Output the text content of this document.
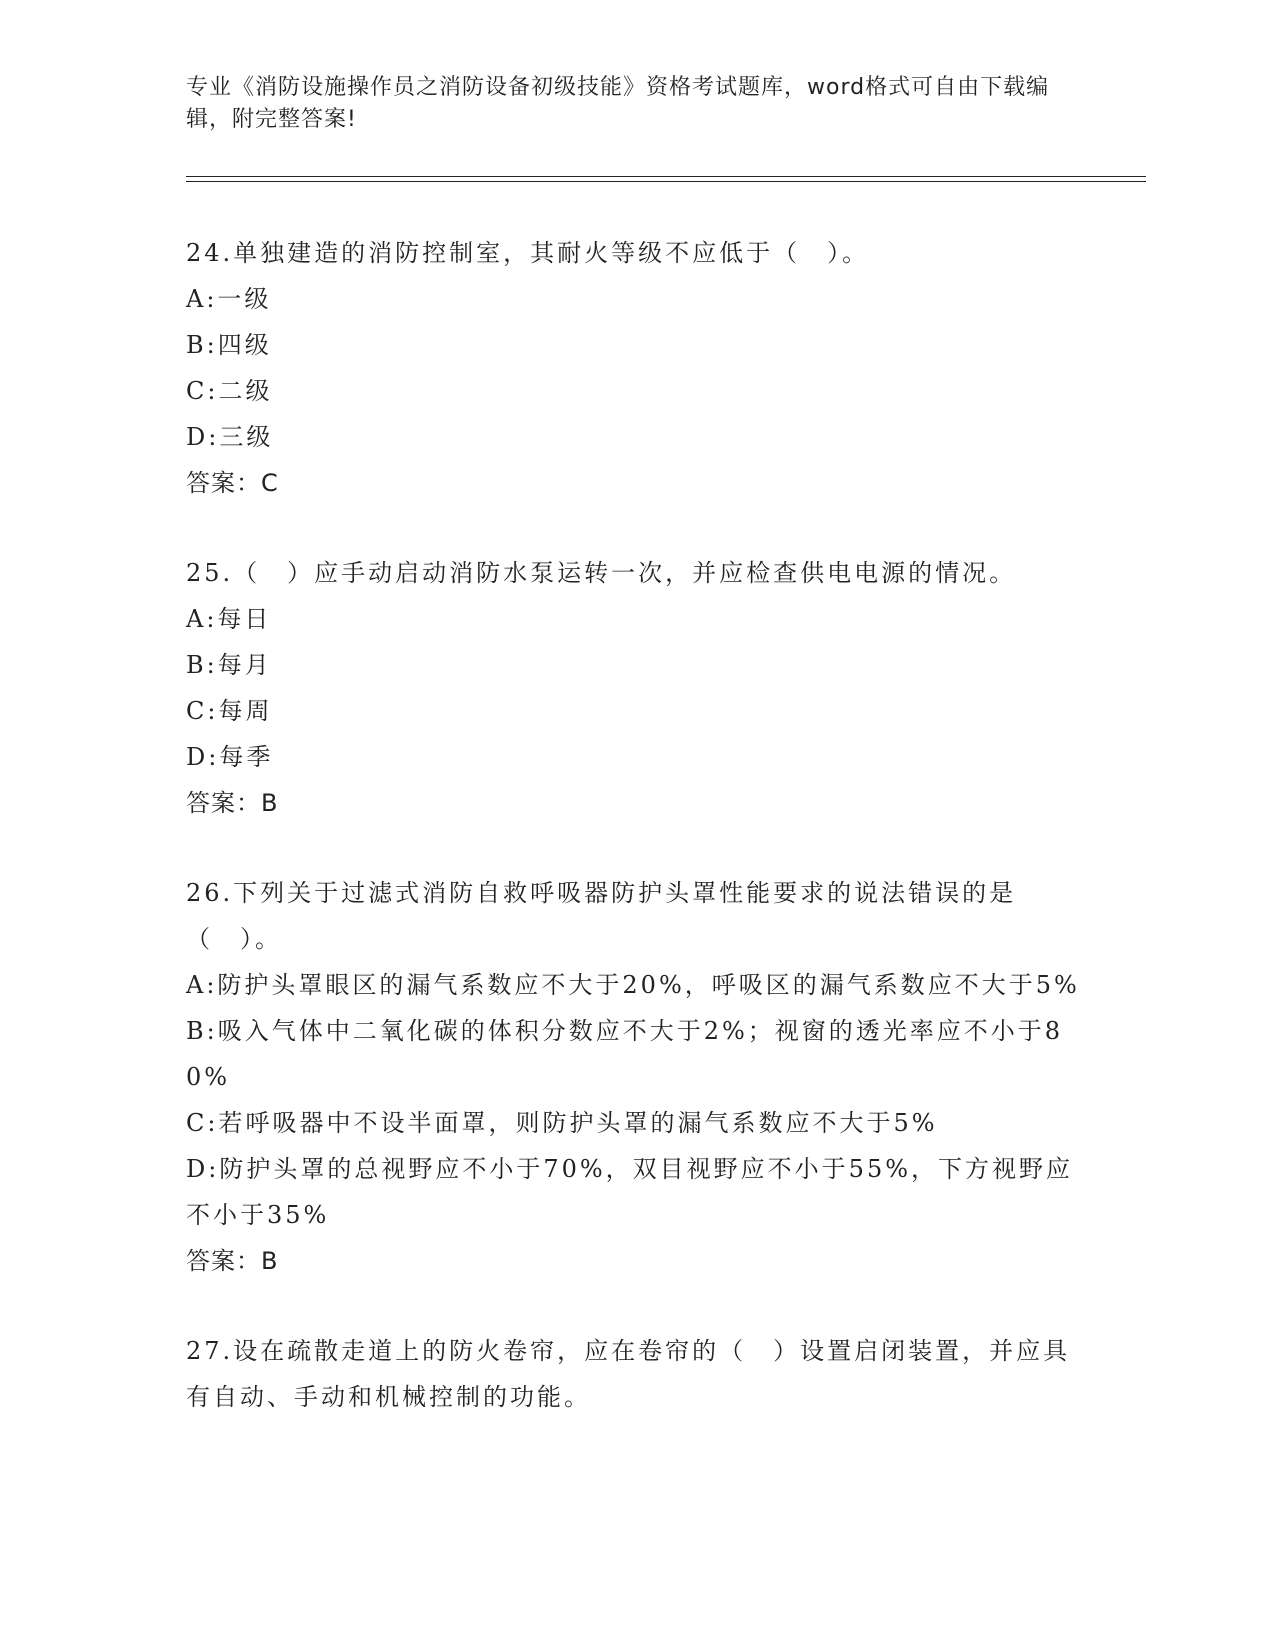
专业《消防设施操作员之消防设备初级技能》资格考试题库，word格式可自由下载编辑，附完整答案!

24.单独建造的消防控制室，其耐火等级不应低于（　）。

A:一级

B:四级

C:二级

D:三级

答案：C

25.（　）应手动启动消防水泵运转一次，并应检查供电电源的情况。

A:每日

B:每月

C:每周

D:每季

答案：B

26.下列关于过滤式消防自救呼吸器防护头罩性能要求的说法错误的是（　）。

A:防护头罩眼区的漏气系数应不大于20%，呼吸区的漏气系数应不大于5%

B:吸入气体中二氧化碳的体积分数应不大于2%；视窗的透光率应不小于80%

C:若呼吸器中不设半面罩，则防护头罩的漏气系数应不大于5%

D:防护头罩的总视野应不小于70%，双目视野应不小于55%，下方视野应不小于35%

答案：B

27.设在疏散走道上的防火卷帘，应在卷帘的（　）设置启闭装置，并应具有自动、手动和机械控制的功能。
